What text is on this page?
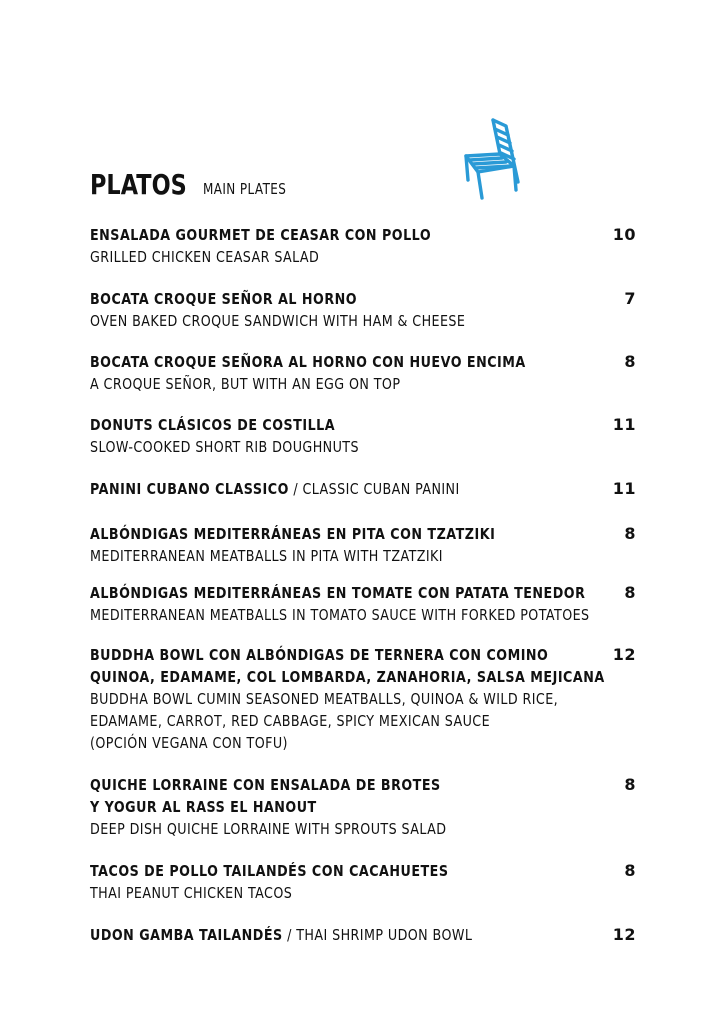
PLATOS MAIN PLATES
ENSALADA GOURMET DE CEASAR CON POLLO
GRILLED CHICKEN CEASAR SALAD
10
BOCATA CROQUE SEÑOR AL HORNO
OVEN BAKED CROQUE SANDWICH WITH HAM & CHEESE
7
BOCATA CROQUE SEÑORA AL HORNO CON HUEVO ENCIMA
A CROQUE SEÑOR, BUT WITH AN EGG ON TOP
8
DONUTS CLÁSICOS DE COSTILLA
SLOW-COOKED SHORT RIB DOUGHNUTS
11
PANINI CUBANO CLASSICO / CLASSIC CUBAN PANINI	11
ALBÓNDIGAS MEDITERRÁNEAS EN PITA CON TZATZIKI
MEDITERRANEAN MEATBALLS IN PITA WITH TZATZIKI
8
ALBÓNDIGAS MEDITERRÁNEAS EN TOMATE CON PATATA TENEDOR
MEDITERRANEAN MEATBALLS IN TOMATO SAUCE WITH FORKED POTATOES
8
BUDDHA BOWL CON ALBÓNDIGAS DE TERNERA CON COMINO
QUINOA, EDAMAME, COL LOMBARDA, ZANAHORIA, SALSA MEJICANA
BUDDHA BOWL CUMIN SEASONED MEATBALLS, QUINOA & WILD RICE,
EDAMAME, CARROT, RED CABBAGE, SPICY MEXICAN SAUCE
(OPCIÓN VEGANA CON TOFU)
12
QUICHE LORRAINE CON ENSALADA DE BROTES
Y YOGUR AL RASS EL HANOUT
DEEP DISH QUICHE LORRAINE WITH SPROUTS SALAD
8
TACOS DE POLLO TAILANDÉS CON CACAHUETES
THAI PEANUT CHICKEN TACOS
8
UDON GAMBA TAILANDÉS / THAI SHRIMP UDON BOWL	12
